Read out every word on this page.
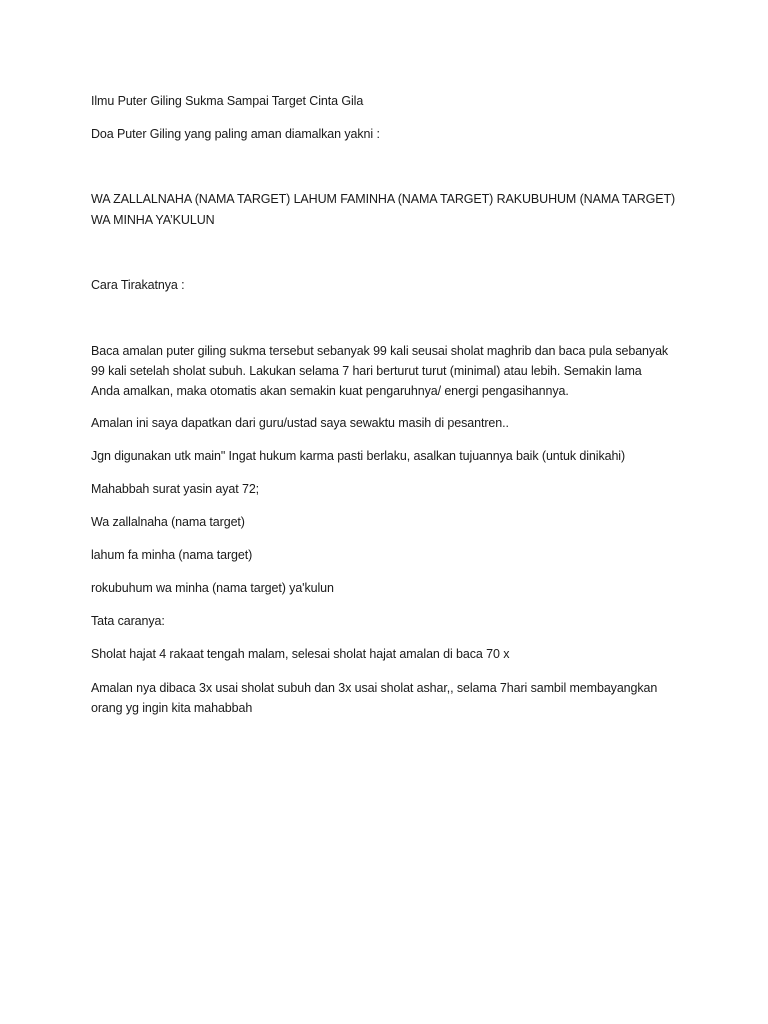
Ilmu Puter Giling Sukma Sampai Target Cinta Gila
Doa Puter Giling yang paling aman diamalkan yakni :
WA ZALLALNAHA (NAMA TARGET) LAHUM FAMINHA (NAMA TARGET) RAKUBUHUM (NAMA TARGET)
WA MINHA YA’KULUN
Cara Tirakatnya :
Baca amalan puter giling sukma tersebut sebanyak 99 kali seusai sholat maghrib dan baca pula sebanyak
99 kali setelah sholat subuh. Lakukan selama 7 hari berturut turut (minimal) atau lebih. Semakin lama
Anda amalkan, maka otomatis akan semakin kuat pengaruhnya/ energi pengasihannya.
Amalan ini saya dapatkan dari guru/ustad saya sewaktu masih di pesantren..
Jgn digunakan utk main" Ingat hukum karma pasti berlaku, asalkan tujuannya baik (untuk dinikahi)
Mahabbah surat yasin ayat 72;
Wa zallalnaha (nama target)
lahum fa minha (nama target)
rokubuhum wa minha (nama target) ya'kulun
Tata caranya:
Sholat hajat 4 rakaat tengah malam, selesai sholat hajat amalan di baca 70 x
Amalan nya dibaca 3x usai sholat subuh dan 3x usai sholat ashar,, selama 7hari sambil membayangkan
orang yg ingin kita mahabbah
